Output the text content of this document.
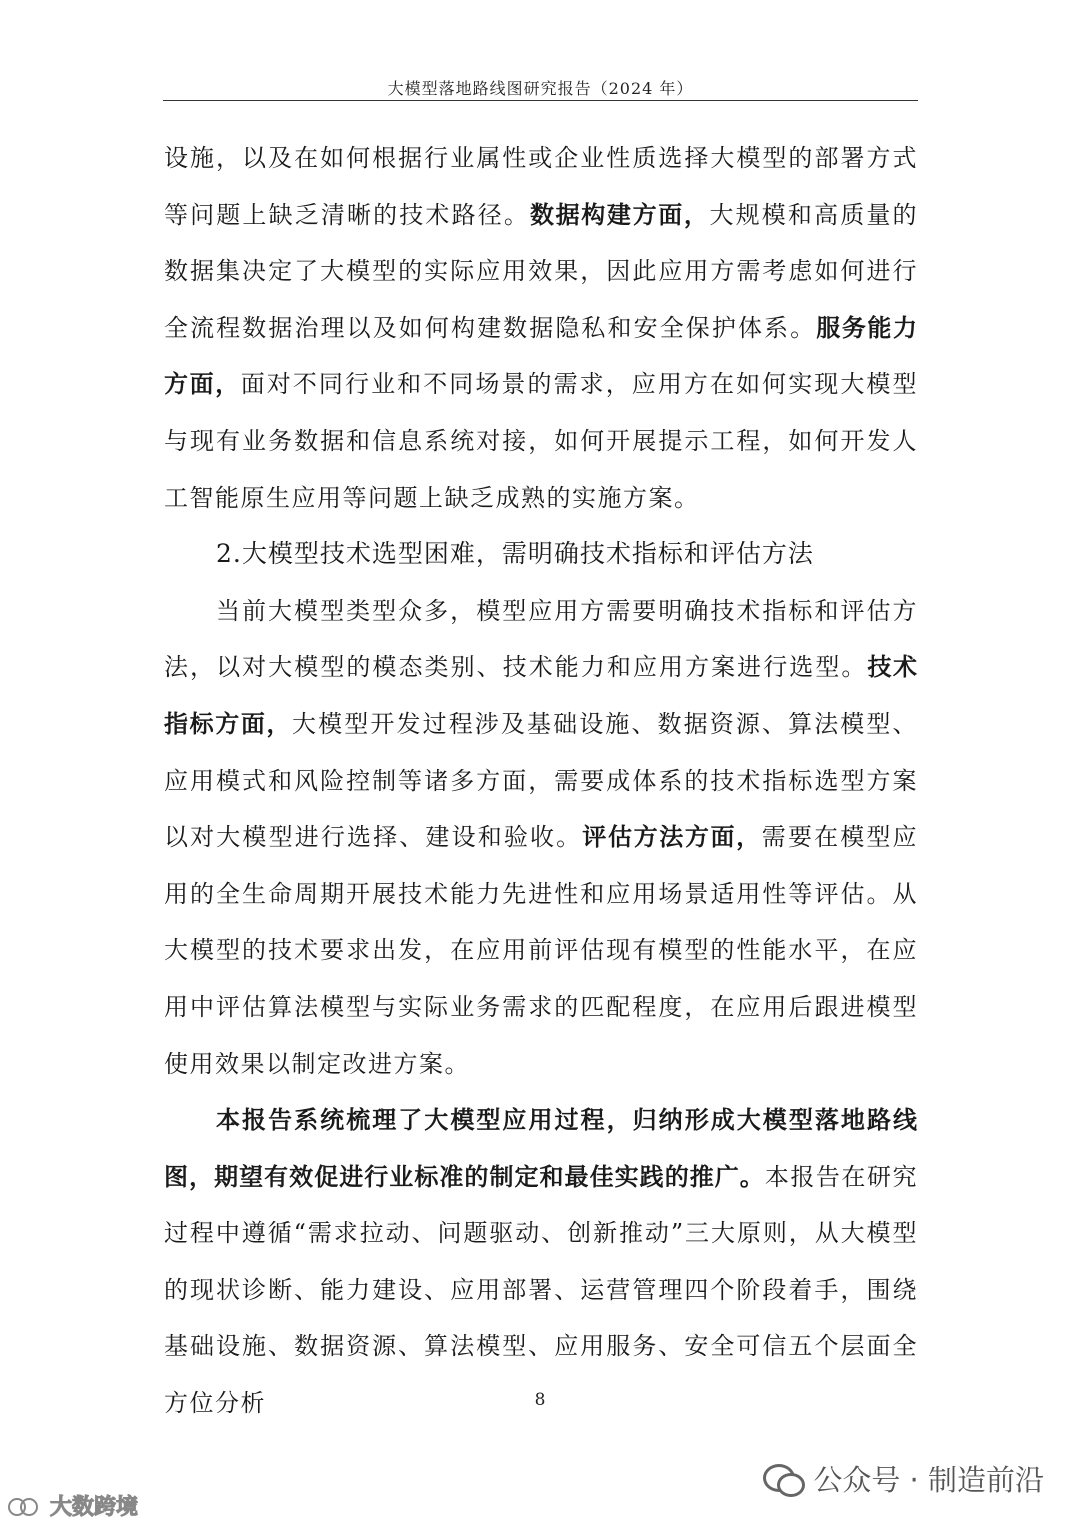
大模型落地路线图研究报告（2024 年）

设施，以及在如何根据行业属性或企业性质选择大模型的部署方式等问题上缺乏清晰的技术路径。数据构建方面，大规模和高质量的数据集决定了大模型的实际应用效果，因此应用方需考虑如何进行全流程数据治理以及如何构建数据隐私和安全保护体系。服务能力方面，面对不同行业和不同场景的需求，应用方在如何实现大模型与现有业务数据和信息系统对接，如何开展提示工程，如何开发人工智能原生应用等问题上缺乏成熟的实施方案。

2.大模型技术选型困难，需明确技术指标和评估方法

当前大模型类型众多，模型应用方需要明确技术指标和评估方法，以对大模型的模态类别、技术能力和应用方案进行选型。技术指标方面，大模型开发过程涉及基础设施、数据资源、算法模型、应用模式和风险控制等诸多方面，需要成体系的技术指标选型方案以对大模型进行选择、建设和验收。评估方法方面，需要在模型应用的全生命周期开展技术能力先进性和应用场景适用性等评估。从大模型的技术要求出发，在应用前评估现有模型的性能水平，在应用中评估算法模型与实际业务需求的匹配程度，在应用后跟进模型使用效果以制定改进方案。

本报告系统梳理了大模型应用过程，归纳形成大模型落地路线图，期望有效促进行业标准的制定和最佳实践的推广。本报告在研究过程中遵循“需求拉动、问题驱动、创新推动”三大原则，从大模型的现状诊断、能力建设、应用部署、运营管理四个阶段着手，围绕基础设施、数据资源、算法模型、应用服务、安全可信五个层面全方位分析	8
公众号 · 制造前沿
大数跨境
